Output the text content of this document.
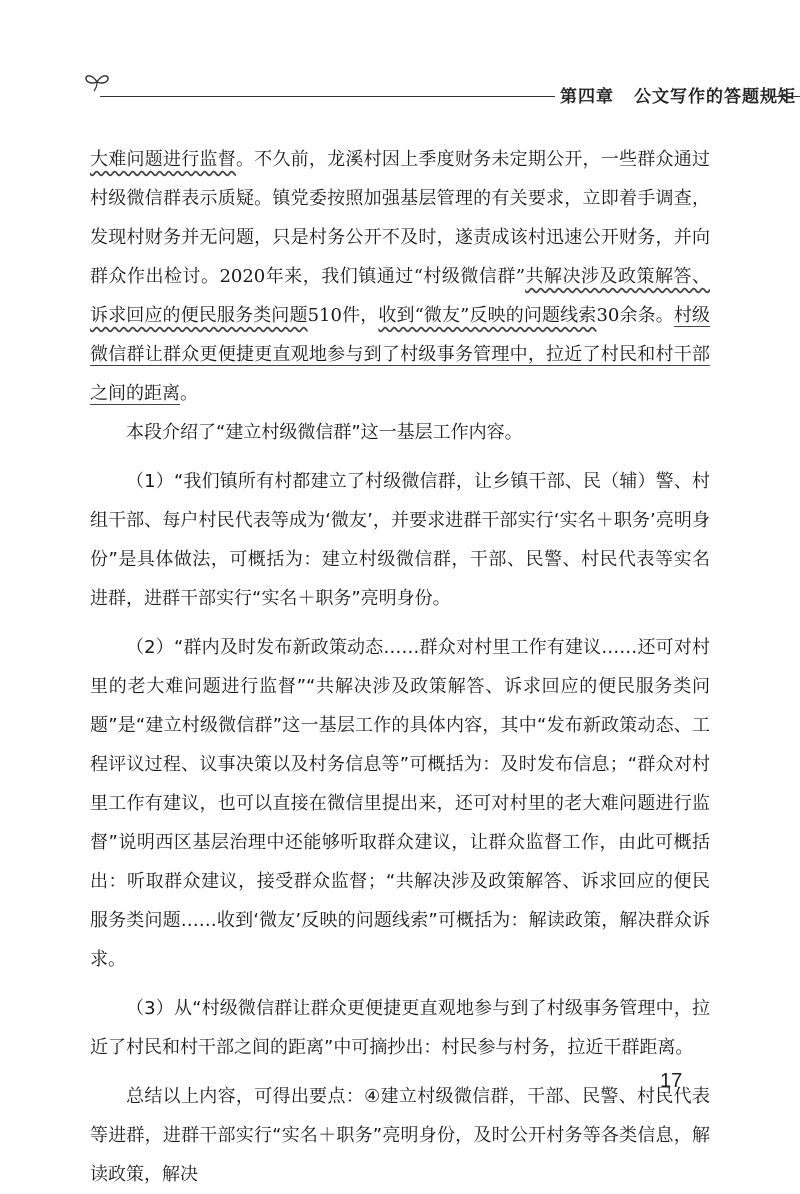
第四章 公文写作的答题规矩

大难问题进行监督。不久前，龙溪村因上季度财务未定期公开，一些群众通过村级微信群表示质疑。镇党委按照加强基层管理的有关要求，立即着手调查，发现村财务并无问题，只是村务公开不及时，遂责成该村迅速公开财务，并向群众作出检讨。2020年来，我们镇通过“村级微信群”共解决涉及政策解答、诉求回应的便民服务类问题510件，收到“微友”反映的问题线索30余条。村级微信群让群众更便捷更直观地参与到了村级事务管理中，拉近了村民和村干部之间的距离。

本段介绍了“建立村级微信群”这一基层工作内容。

（1）“我们镇所有村都建立了村级微信群，让乡镇干部、民（辅）警、村组干部、每户村民代表等成为‘微友’，并要求进群干部实行‘实名＋职务’亮明身份”是具体做法，可概括为：建立村级微信群，干部、民警、村民代表等实名进群，进群干部实行“实名＋职务”亮明身份。

（2）“群内及时发布新政策动态……群众对村里工作有建议……还可对村里的老大难问题进行监督”“共解决涉及政策解答、诉求回应的便民服务类问题”是“建立村级微信群”这一基层工作的具体内容，其中“发布新政策动态、工程评议过程、议事决策以及村务信息等”可概括为：及时发布信息；“群众对村里工作有建议，也可以直接在微信里提出来，还可对村里的老大难问题进行监督”说明西区基层治理中还能够听取群众建议，让群众监督工作，由此可概括出：听取群众建议，接受群众监督；“共解决涉及政策解答、诉求回应的便民服务类问题……收到‘微友’反映的问题线索”可概括为：解读政策，解决群众诉求。

（3）从“村级微信群让群众更便捷更直观地参与到了村级事务管理中，拉近了村民和村干部之间的距离”中可摘抄出：村民参与村务，拉近干群距离。

总结以上内容，可得出要点：④建立村级微信群，干部、民警、村民代表等进群，进群干部实行“实名＋职务”亮明身份，及时公开村务等各类信息，解读政策，解决

17
